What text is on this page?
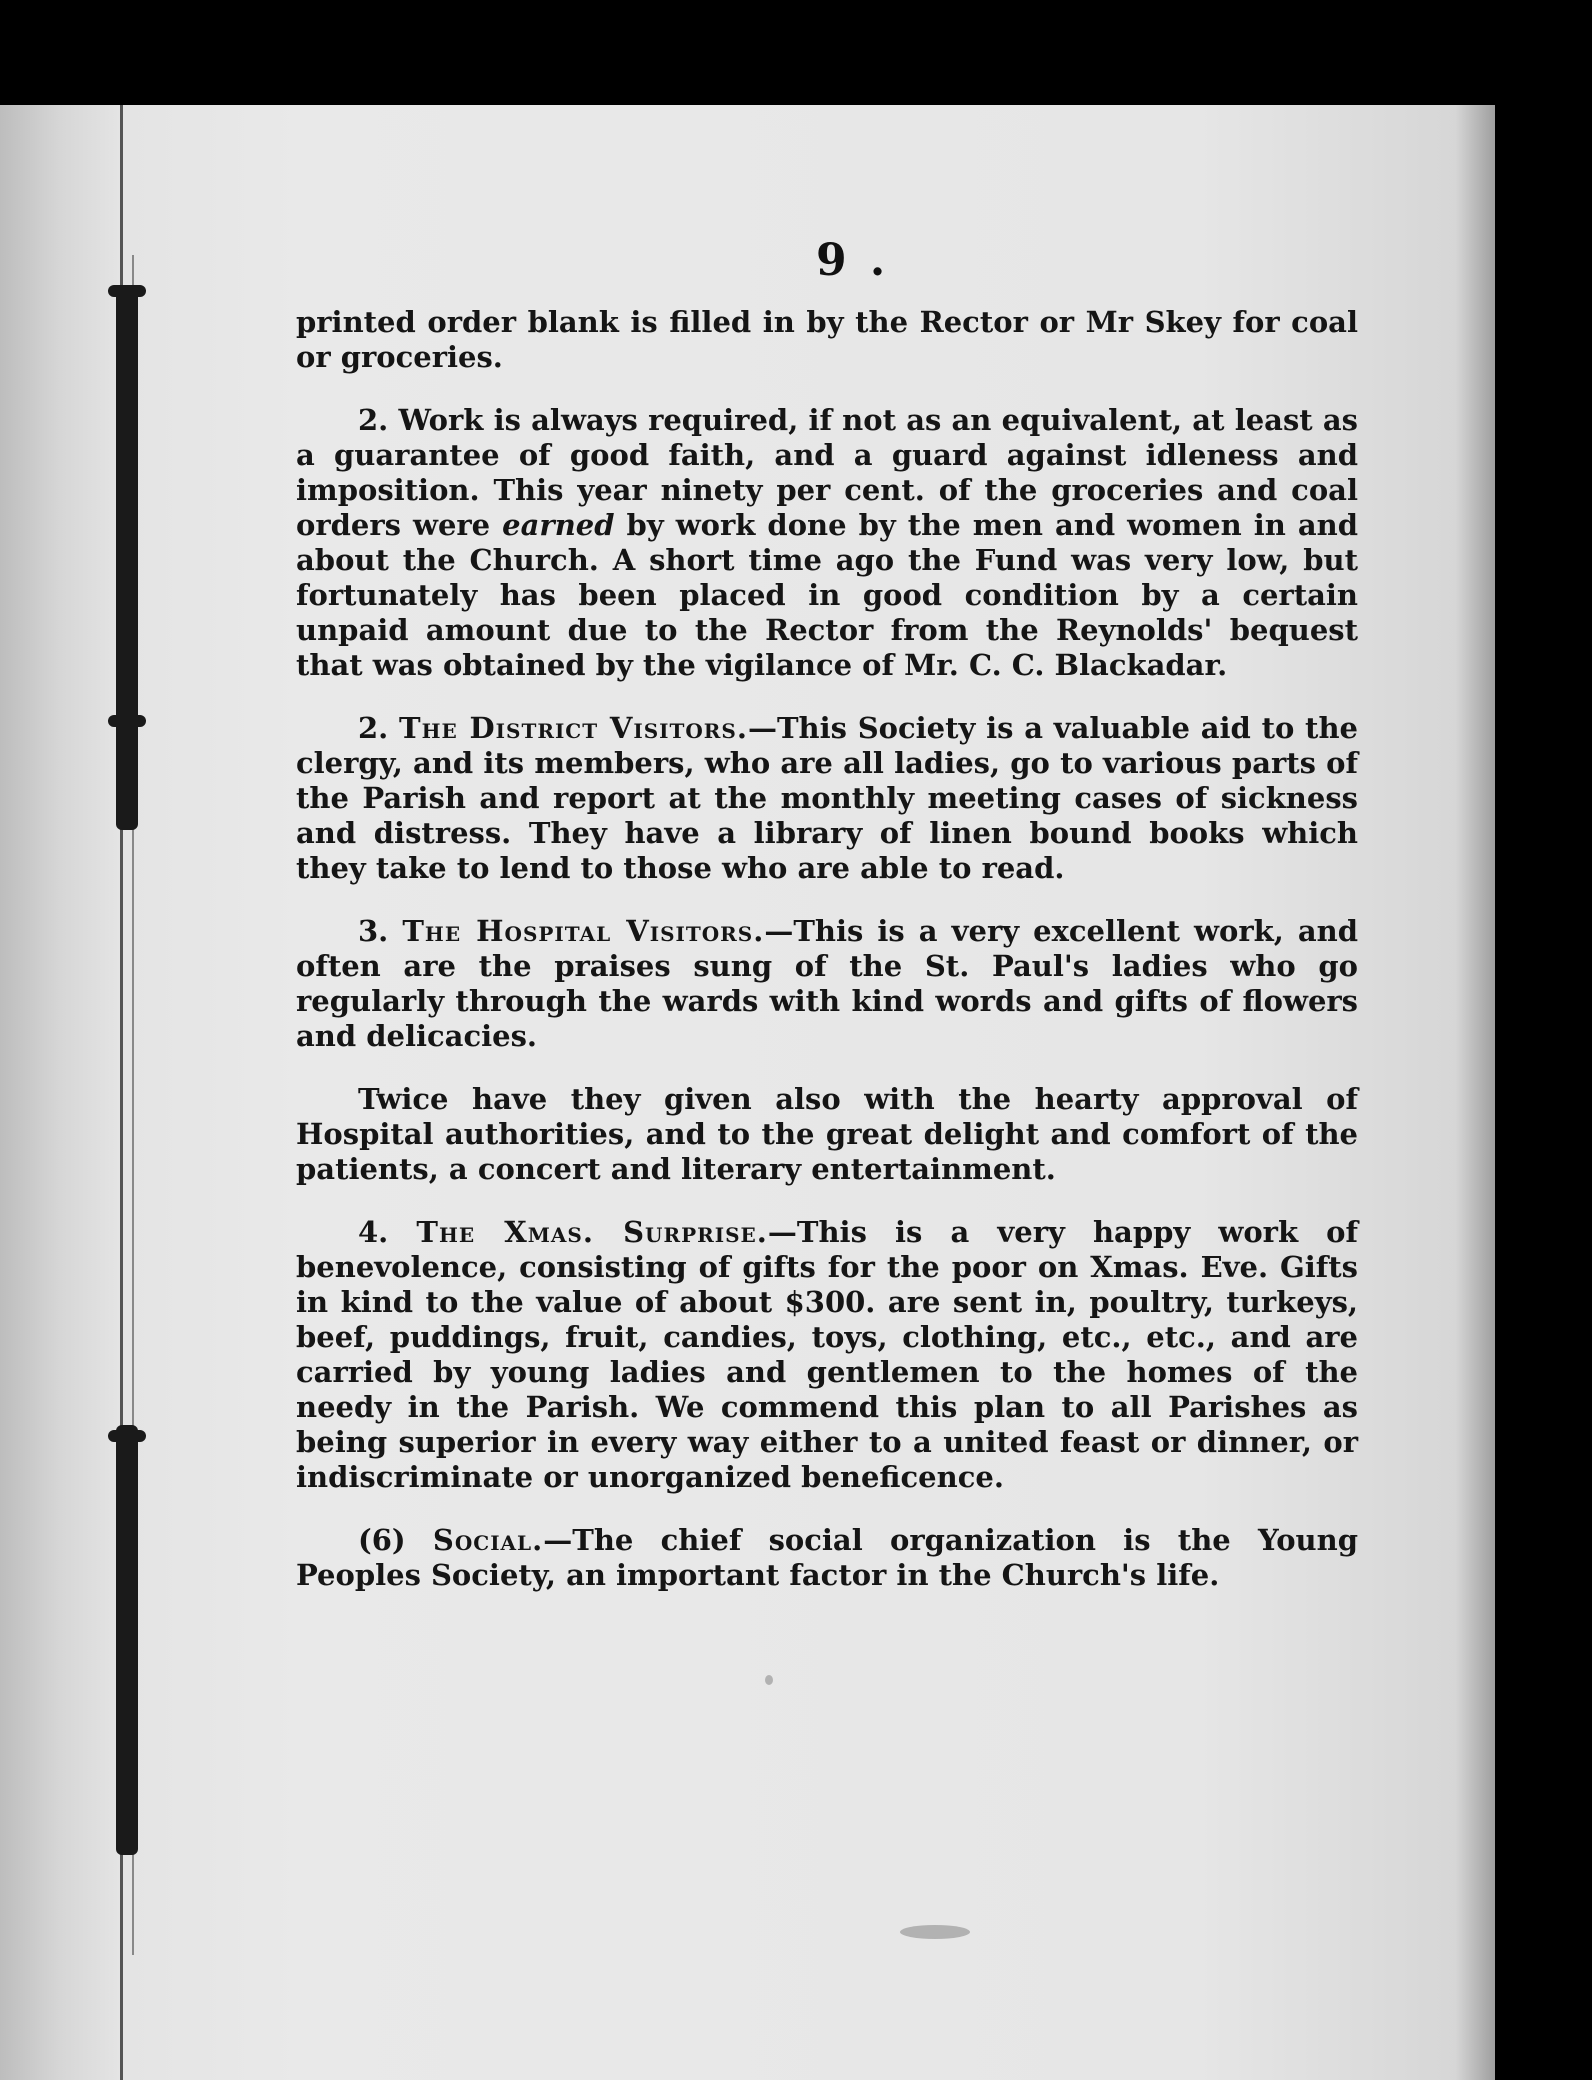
9 .

printed order blank is filled in by the Rector or Mr Skey for coal or groceries.

2. Work is always required, if not as an equivalent, at least as a guarantee of good faith, and a guard against idleness and imposition. This year ninety per cent. of the groceries and coal orders were earned by work done by the men and women in and about the Church. A short time ago the Fund was very low, but fortunately has been placed in good condition by a certain unpaid amount due to the Rector from the Reynolds' bequest that was obtained by the vigilance of Mr. C. C. Blackadar.

2. The District Visitors.—This Society is a valuable aid to the clergy, and its members, who are all ladies, go to various parts of the Parish and report at the monthly meeting cases of sickness and distress. They have a library of linen bound books which they take to lend to those who are able to read.

3. The Hospital Visitors.—This is a very excellent work, and often are the praises sung of the St. Paul's ladies who go regularly through the wards with kind words and gifts of flowers and delicacies.

Twice have they given also with the hearty approval of Hospital authorities, and to the great delight and comfort of the patients, a concert and literary entertainment.

4. The Xmas. Surprise.—This is a very happy work of benevolence, consisting of gifts for the poor on Xmas. Eve. Gifts in kind to the value of about $300. are sent in, poultry, turkeys, beef, puddings, fruit, candies, toys, clothing, etc., etc., and are carried by young ladies and gentlemen to the homes of the needy in the Parish. We commend this plan to all Parishes as being superior in every way either to a united feast or dinner, or indiscriminate or unorganized beneficence.

(6) Social.—The chief social organization is the Young Peoples Society, an important factor in the Church's life.
